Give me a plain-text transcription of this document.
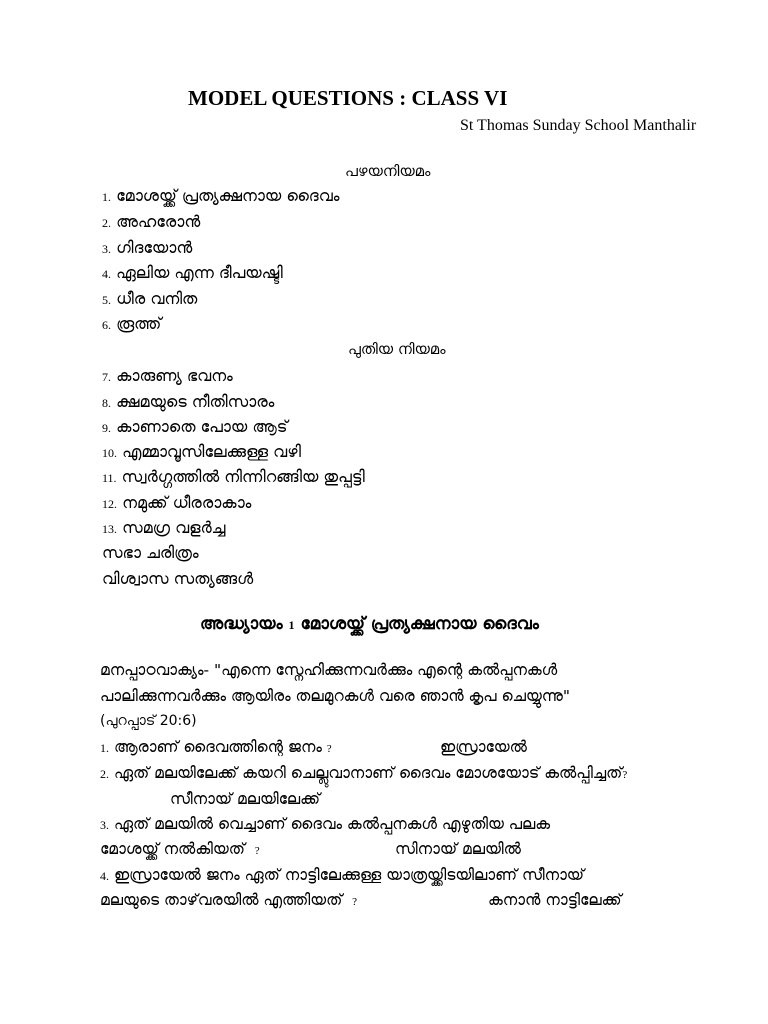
MODEL QUESTIONS : CLASS VI
St Thomas Sunday School Manthalir
പഴയനിയമം
1. മോശയ്ക്ക് പ്രത്യക്ഷനായ ദൈവം
2. അഹരോൻ
3. ഗിദയോൻ
4. ഏലിയ എന്ന ദീപയഷ്ടി
5. ധീര വനിത
6. രൂത്ത്
പുതിയ നിയമം
7. കാരുണ്യ ഭവനം
8. ക്ഷമയുടെ നീതിസാരം
9. കാണാതെ പോയ ആട്
10. എമ്മാവൂസിലേക്കുള്ള വഴി
11. സ്വർഗ്ഗത്തിൽ നിന്നിറങ്ങിയ തുപ്പട്ടി
12. നമുക്ക് ധീരരാകാം
13. സമഗ്ര വളർച്ച
സഭാ ചരിത്രം
വിശ്വാസ സത്യങ്ങൾ
അദ്ധ്യായം 1 മോശയ്ക്ക് പ്രത്യക്ഷനായ ദൈവം
മനപ്പാഠവാക്യം- "എന്നെ സ്നേഹിക്കുന്നവർക്കും എന്റെ കൽപ്പനകൾ
പാലിക്കുന്നവർക്കും ആയിരം തലമുറകൾ വരെ ഞാൻ കൃപ ചെയ്യുന്നു"
(പുറപ്പാട് 20:6)
1. ആരാണ് ദൈവത്തിന്റെ ജനം ?	ഇസ്രായേൽ
2. ഏത് മലയിലേക്ക് കയറി ചെല്ലുവാനാണ് ദൈവം മോശയോട് കൽപ്പിച്ചത്?
സീനായ് മലയിലേക്ക്
3. ഏത് മലയിൽ വെച്ചാണ് ദൈവം കൽപ്പനകൾ എഴുതിയ പലക
മോശയ്ക്ക് നൽകിയത് ?	സിനായ് മലയിൽ
4. ഇസ്രായേൽ ജനം ഏത് നാട്ടിലേക്കുള്ള യാത്രയ്ക്കിടയിലാണ് സീനായ്
മലയുടെ താഴ്‌വരയിൽ എത്തിയത് ?	കനാൻ നാട്ടിലേക്ക്
